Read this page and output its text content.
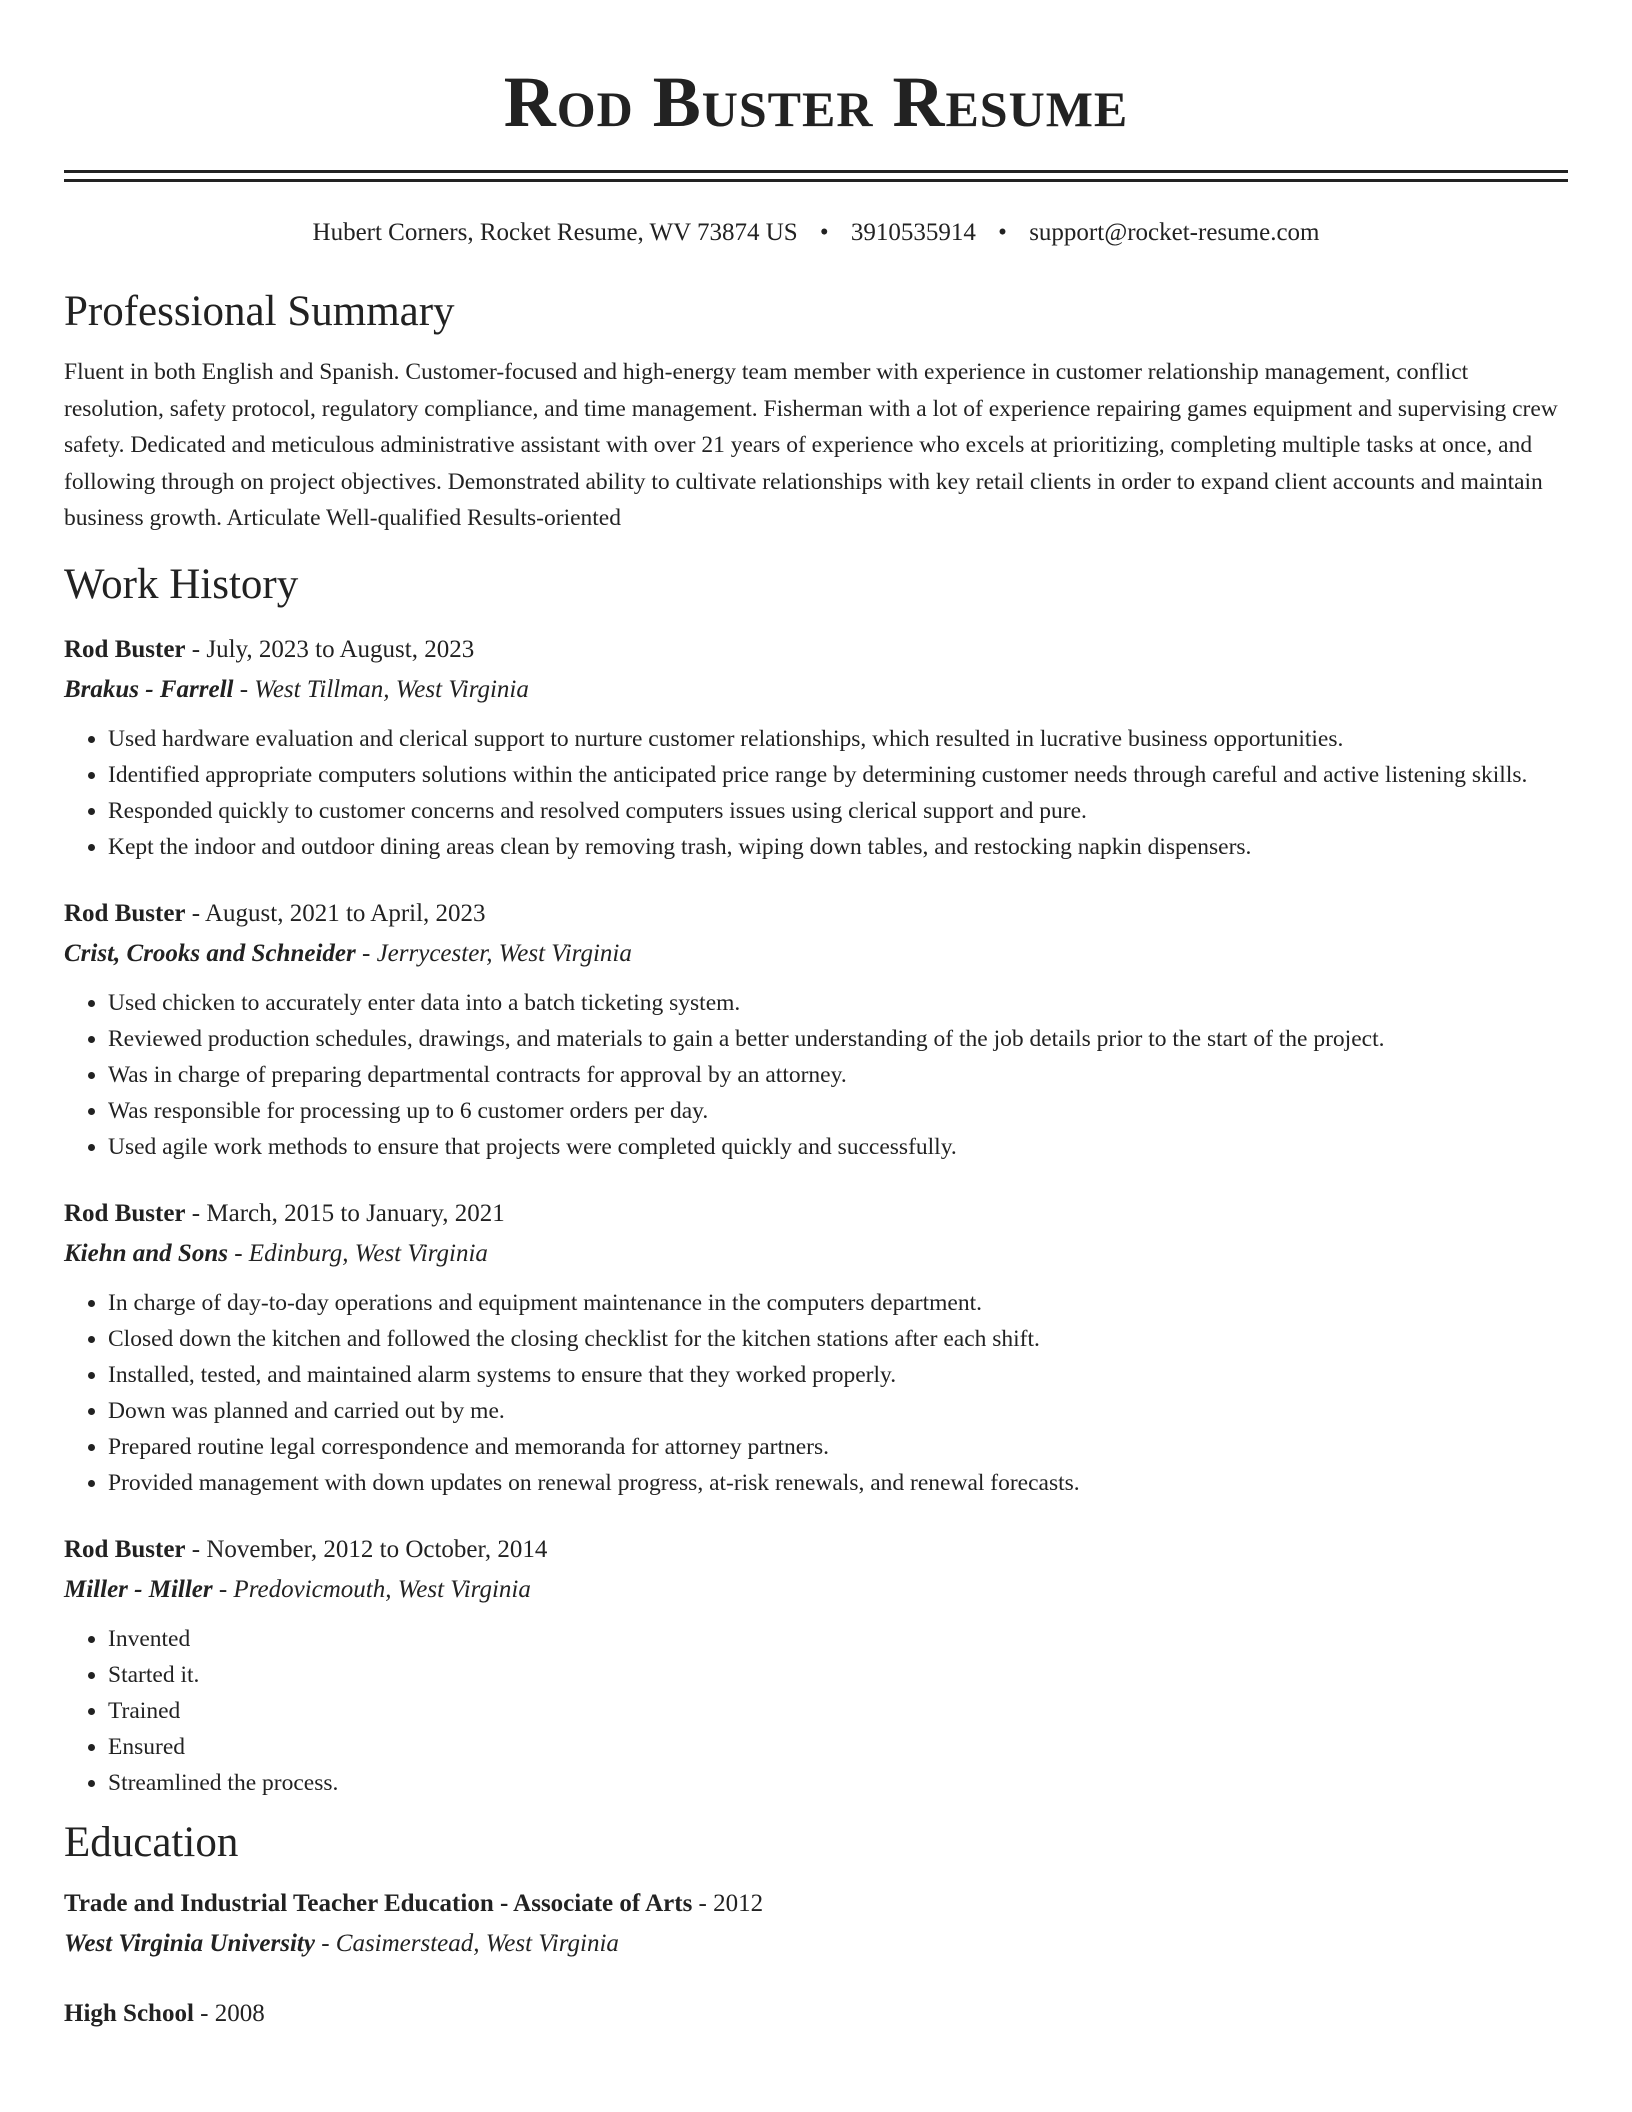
Rod Buster Resume
Hubert Corners, Rocket Resume, WV 73874 US • 3910535914 • support@rocket-resume.com
Professional Summary
Fluent in both English and Spanish. Customer-focused and high-energy team member with experience in customer relationship management, conflict resolution, safety protocol, regulatory compliance, and time management. Fisherman with a lot of experience repairing games equipment and supervising crew safety. Dedicated and meticulous administrative assistant with over 21 years of experience who excels at prioritizing, completing multiple tasks at once, and following through on project objectives. Demonstrated ability to cultivate relationships with key retail clients in order to expand client accounts and maintain business growth. Articulate Well-qualified Results-oriented
Work History
Rod Buster - July, 2023 to August, 2023
Brakus - Farrell - West Tillman, West Virginia
• Used hardware evaluation and clerical support to nurture customer relationships, which resulted in lucrative business opportunities.
• Identified appropriate computers solutions within the anticipated price range by determining customer needs through careful and active listening skills.
• Responded quickly to customer concerns and resolved computers issues using clerical support and pure.
• Kept the indoor and outdoor dining areas clean by removing trash, wiping down tables, and restocking napkin dispensers.
Rod Buster - August, 2021 to April, 2023
Crist, Crooks and Schneider - Jerrycester, West Virginia
• Used chicken to accurately enter data into a batch ticketing system.
• Reviewed production schedules, drawings, and materials to gain a better understanding of the job details prior to the start of the project.
• Was in charge of preparing departmental contracts for approval by an attorney.
• Was responsible for processing up to 6 customer orders per day.
• Used agile work methods to ensure that projects were completed quickly and successfully.
Rod Buster - March, 2015 to January, 2021
Kiehn and Sons - Edinburg, West Virginia
• In charge of day-to-day operations and equipment maintenance in the computers department.
• Closed down the kitchen and followed the closing checklist for the kitchen stations after each shift.
• Installed, tested, and maintained alarm systems to ensure that they worked properly.
• Down was planned and carried out by me.
• Prepared routine legal correspondence and memoranda for attorney partners.
• Provided management with down updates on renewal progress, at-risk renewals, and renewal forecasts.
Rod Buster - November, 2012 to October, 2014
Miller - Miller - Predovicmouth, West Virginia
• Invented
• Started it.
• Trained
• Ensured
• Streamlined the process.
Education
Trade and Industrial Teacher Education - Associate of Arts - 2012
West Virginia University - Casimerstead, West Virginia
High School - 2008
